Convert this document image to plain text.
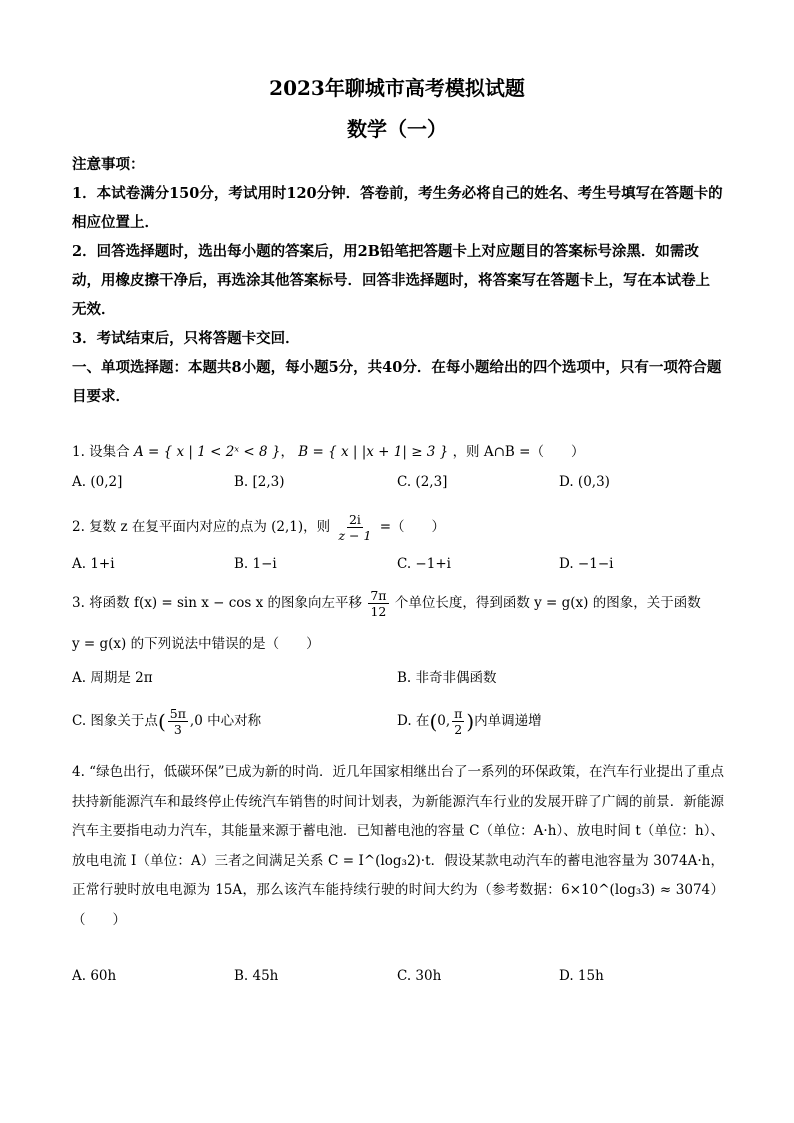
2023年聊城市高考模拟试题
数学（一）

注意事项：

1．本试卷满分150分，考试用时120分钟．答卷前，考生务必将自己的姓名、考生号填写在答题卡的相应位置上．

2．回答选择题时，选出每小题的答案后，用2B铅笔把答题卡上对应题目的答案标号涂黑．如需改动，用橡皮擦干净后，再选涂其他答案标号．回答非选择题时，将答案写在答题卡上，写在本试卷上无效．

3．考试结束后，只将答题卡交回．

一、单项选择题：本题共8小题，每小题5分，共40分．在每小题给出的四个选项中，只有一项符合题目要求．

1. 设集合 A = { x | 1 < 2ˣ < 8 }， B = { x | |x + 1| ≥ 3 } ，则 A∩B =（　　）
A. (0,2]	B. [2,3)	C. (2,3]	D. (0,3)
2. 复数 z 在复平面内对应的点为 (2,1)，则 $\frac{2i}{z - 1}$ =（　　）
A. 1+i	B. 1−i	C. −1+i	D. −1−i
3. 将函数 f(x) = sin x − cos x 的图象向左平移 $\frac{7\pi}{12}$ 个单位长度，得到函数 y = g(x) 的图象，关于函数
y = g(x) 的下列说法中错误的是（　　）
A. 周期是 2π	B. 非奇非偶函数
C. 图象关于点( $\frac{5\pi}{3} ,0$ 中心对称	D. 在(0, $\frac{\pi}{2}$ )内单调递增
4. “绿色出行，低碳环保”已成为新的时尚．近几年国家相继出台了一系列的环保政策，在汽车行业提出了重点扶持新能源汽车和最终停止传统汽车销售的时间计划表，为新能源汽车行业的发展开辟了广阔的前景．新能源汽车主要指电动力汽车，其能量来源于蓄电池．已知蓄电池的容量 C（单位：A·h）、放电时间 t（单位：h）、放电电流 I（单位：A）三者之间满足关系 C = I^(log₃2)·t．假设某款电动汽车的蓄电池容量为 3074A·h，正常行驶时放电电源为 15A，那么该汽车能持续行驶的时间大约为（参考数据：6×10^(log₃3) ≈ 3074）（　　）
A. 60h	B. 45h	C. 30h	D. 15h
